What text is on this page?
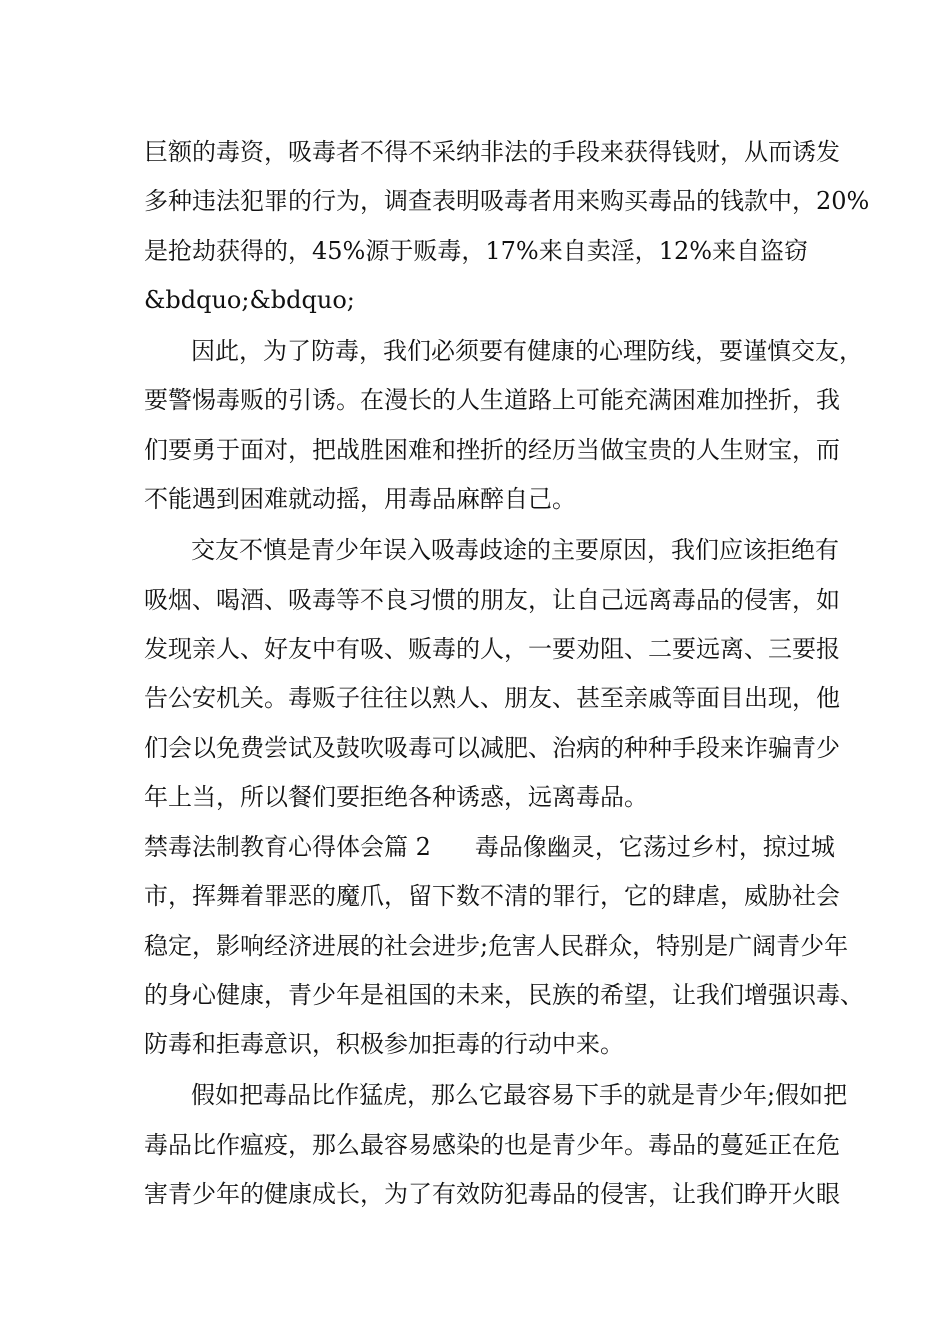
巨额的毒资，吸毒者不得不采纳非法的手段来获得钱财，从而诱发
多种违法犯罪的行为，调查表明吸毒者用来购买毒品的钱款中，20%
是 抢 劫 获 得 的， 45% 源 于 贩 毒， 17% 来 自 卖 淫， 12% 来 自 盗 窃
&bdquo;&bdquo;
因此，为了防毒，我们必须要有健康的心理防线，要谨慎交友，
要警惕毒贩的引诱。在漫长的人生道路上可能充满困难加挫折，我
们要勇于面对，把战胜困难和挫折的经历当做宝贵的人生财宝，而
不能遇到困难就动摇，用毒品麻醉自己。
交友不慎是青少年误入吸毒歧途的主要原因，我们应该拒绝有
吸烟、喝酒、吸毒等不良习惯的朋友，让自己远离毒品的侵害，如
发现亲人、好友中有吸、贩毒的人，一要劝阻、二要远离、三要报
告公安机关。毒贩子往往以熟人、朋友、甚至亲戚等面目出现，他
们会以免费尝试及鼓吹吸毒可以减肥、治病的种种手段来诈骗青少
年上当，所以餐们要拒绝各种诱惑，远离毒品。
禁毒法制教育心得体会篇 2 毒品像幽灵，它荡过乡村，掠过城
市，挥舞着罪恶的魔爪，留下数不清的罪行，它的肆虐，威胁社会
稳定，影响经济进展的社会进步;危害人民群众，特别是广阔青少年
的身心健康，青少年是祖国的未来，民族的希望，让我们增强识毒、
防毒和拒毒意识，积极参加拒毒的行动中来。
假如把毒品比作猛虎，那么它最容易下手的就是青少年;假如把
毒品比作瘟疫，那么最容易感染的也是青少年。毒品的蔓延正在危
害青少年的健康成长，为了有效防犯毒品的侵害，让我们睁开火眼
